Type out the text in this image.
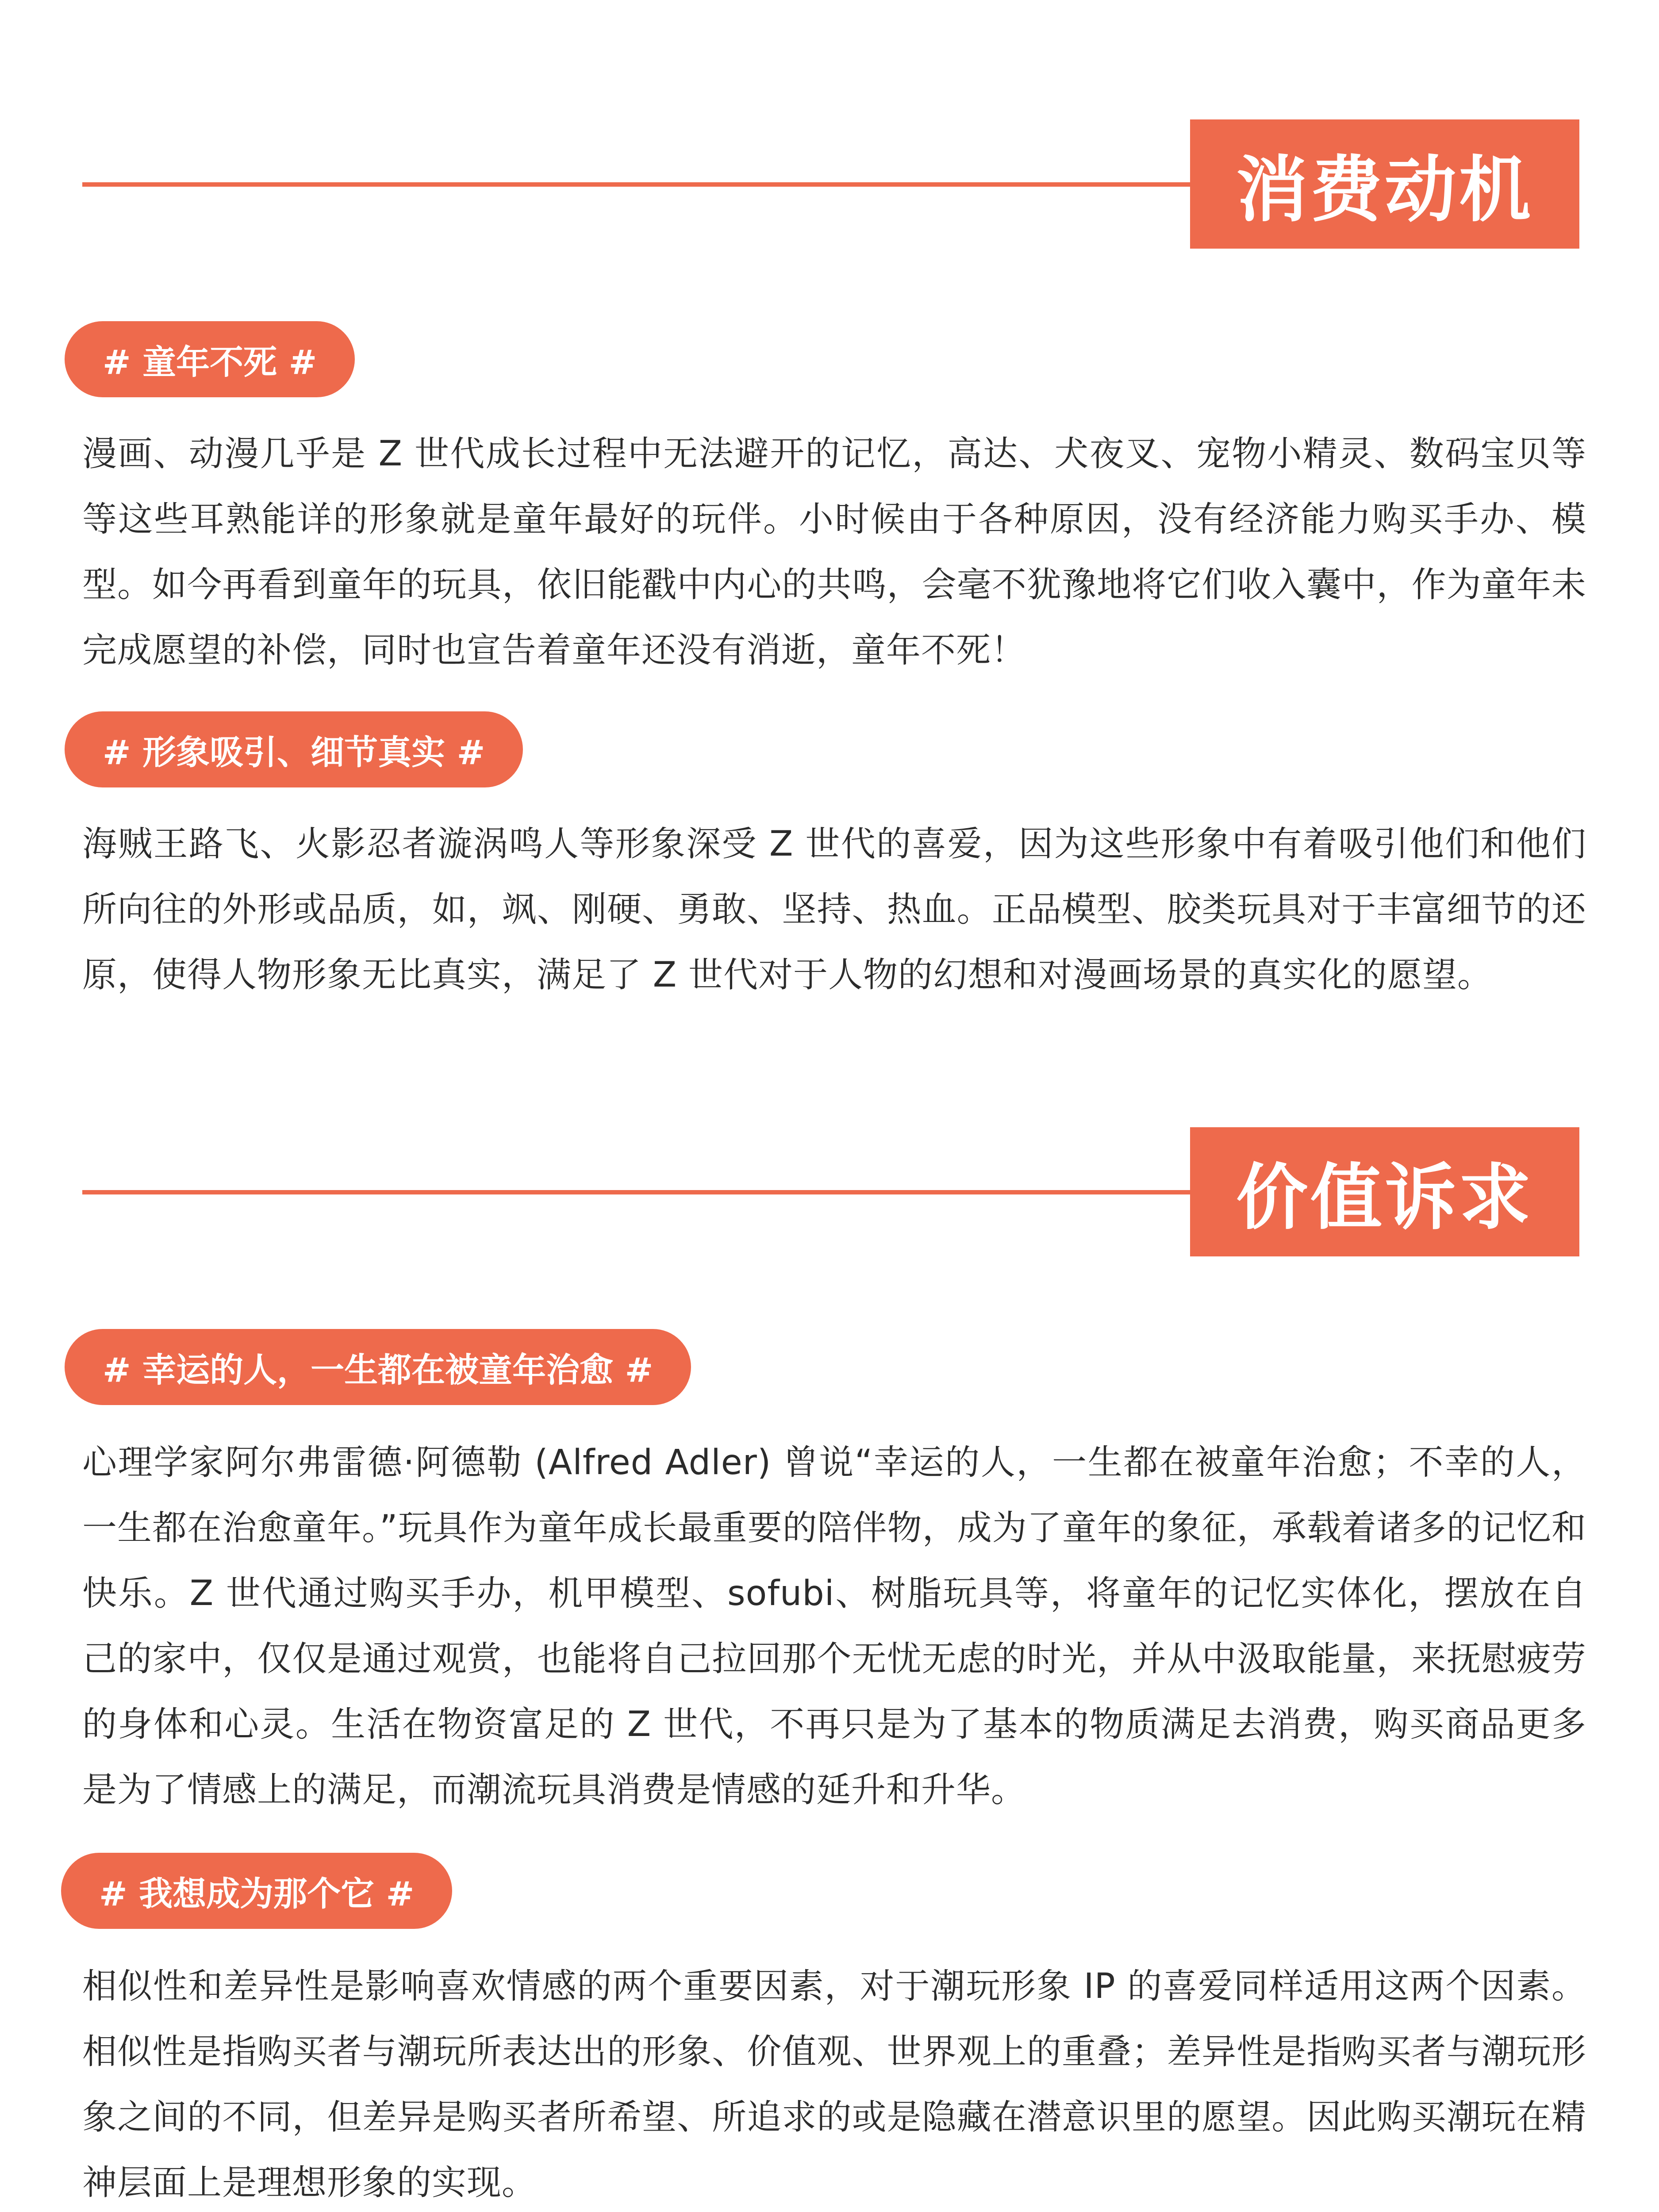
消费动机
# 童年不死 #
漫画、动漫几乎是 Z 世代成长过程中无法避开的记忆，高达、犬夜叉、宠物小精灵、数码宝贝等等这些耳熟能详的形象就是童年最好的玩伴。小时候由于各种原因，没有经济能力购买手办、模型。如今再看到童年的玩具，依旧能戳中内心的共鸣，会毫不犹豫地将它们收入囊中，作为童年未完成愿望的补偿，同时也宣告着童年还没有消逝，童年不死！
# 形象吸引、细节真实 #
海贼王路飞、火影忍者漩涡鸣人等形象深受 Z 世代的喜爱，因为这些形象中有着吸引他们和他们所向往的外形或品质，如，飒、刚硬、勇敢、坚持、热血。正品模型、胶类玩具对于丰富细节的还原，使得人物形象无比真实，满足了 Z 世代对于人物的幻想和对漫画场景的真实化的愿望。
价值诉求
# 幸运的人，一生都在被童年治愈 #
心理学家阿尔弗雷德·阿德勒 (Alfred Adler) 曾说“幸运的人，一生都在被童年治愈；不幸的人，一生都在治愈童年。”玩具作为童年成长最重要的陪伴物，成为了童年的象征，承载着诸多的记忆和快乐。Z 世代通过购买手办，机甲模型、sofubi、树脂玩具等，将童年的记忆实体化，摆放在自己的家中，仅仅是通过观赏，也能将自己拉回那个无忧无虑的时光，并从中汲取能量，来抚慰疲劳的身体和心灵。生活在物资富足的 Z 世代，不再只是为了基本的物质满足去消费，购买商品更多是为了情感上的满足，而潮流玩具消费是情感的延升和升华。
# 我想成为那个它 #
相似性和差异性是影响喜欢情感的两个重要因素，对于潮玩形象 IP 的喜爱同样适用这两个因素。相似性是指购买者与潮玩所表达出的形象、价值观、世界观上的重叠；差异性是指购买者与潮玩形象之间的不同，但差异是购买者所希望、所追求的或是隐藏在潜意识里的愿望。因此购买潮玩在精神层面上是理想形象的实现。
